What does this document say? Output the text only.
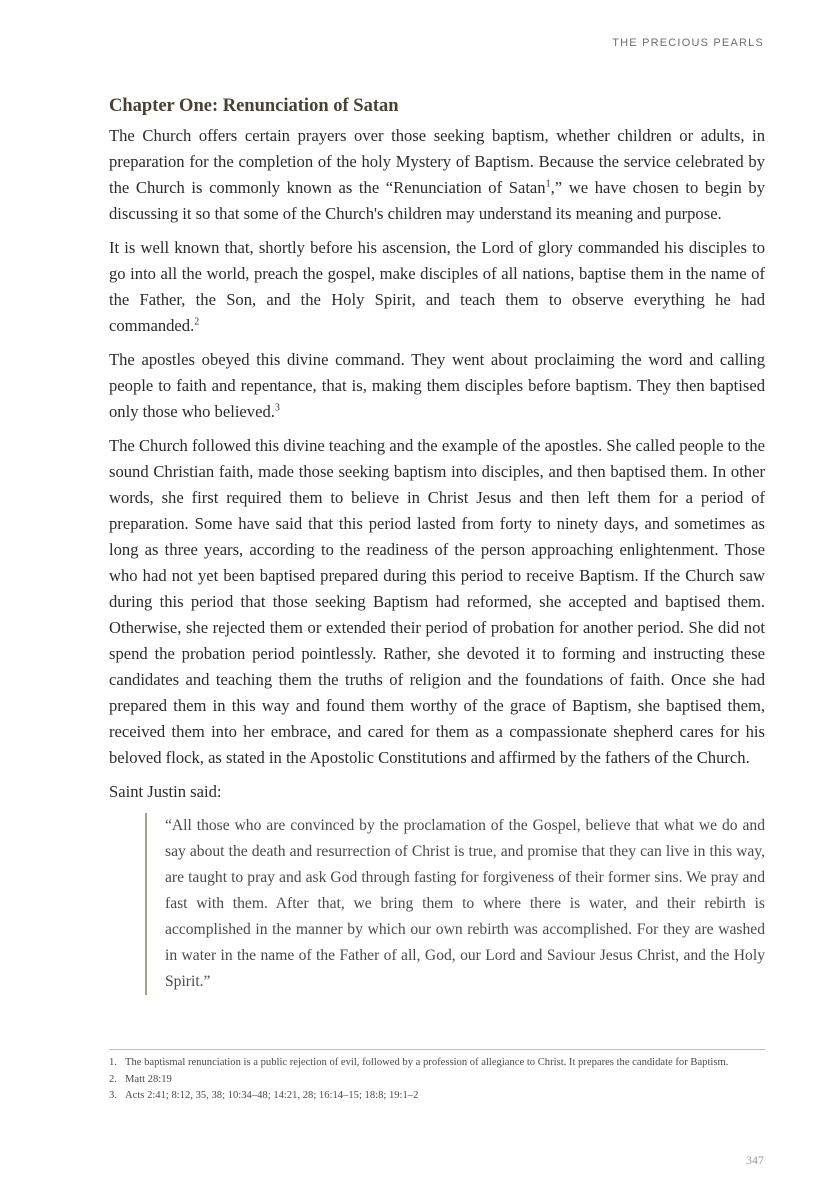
THE PRECIOUS PEARLS
Chapter One: Renunciation of Satan

The Church offers certain prayers over those seeking baptism, whether children or adults, in preparation for the completion of the holy Mystery of Baptism. Because the service celebrated by the Church is commonly known as the “Renunciation of Satan$^1$,” we have chosen to begin by discussing it so that some of the Church's children may understand its meaning and purpose.

It is well known that, shortly before his ascension, the Lord of glory commanded his disciples to go into all the world, preach the gospel, make disciples of all nations, baptise them in the name of the Father, the Son, and the Holy Spirit, and teach them to observe everything he had commanded.$^2$

The apostles obeyed this divine command. They went about proclaiming the word and calling people to faith and repentance, that is, making them disciples before baptism. They then baptised only those who believed.$^3$

The Church followed this divine teaching and the example of the apostles. She called people to the sound Christian faith, made those seeking baptism into disciples, and then baptised them. In other words, she first required them to believe in Christ Jesus and then left them for a period of preparation. Some have said that this period lasted from forty to ninety days, and sometimes as long as three years, according to the readiness of the person approaching enlightenment. Those who had not yet been baptised prepared during this period to receive Baptism. If the Church saw during this period that those seeking Baptism had reformed, she accepted and baptised them. Otherwise, she rejected them or extended their period of probation for another period. She did not spend the probation period pointlessly. Rather, she devoted it to forming and instructing these candidates and teaching them the truths of religion and the foundations of faith. Once she had prepared them in this way and found them worthy of the grace of Baptism, she baptised them, received them into her embrace, and cared for them as a compassionate shepherd cares for his beloved flock, as stated in the Apostolic Constitutions and affirmed by the fathers of the Church.

Saint Justin said:

“All those who are convinced by the proclamation of the Gospel, believe that what we do and say about the death and resurrection of Christ is true, and promise that they can live in this way, are taught to pray and ask God through fasting for forgiveness of their former sins. We pray and fast with them. After that, we bring them to where there is water, and their rebirth is accomplished in the manner by which our own rebirth was accomplished. For they are washed in water in the name of the Father of all, God, our Lord and Saviour Jesus Christ, and the Holy Spirit.”
1. The baptismal renunciation is a public rejection of evil, followed by a profession of allegiance to Christ. It prepares the candidate for Baptism.
2. Matt 28:19
3. Acts 2:41; 8:12, 35, 38; 10:34–48; 14:21, 28; 16:14–15; 18:8; 19:1–2
347
